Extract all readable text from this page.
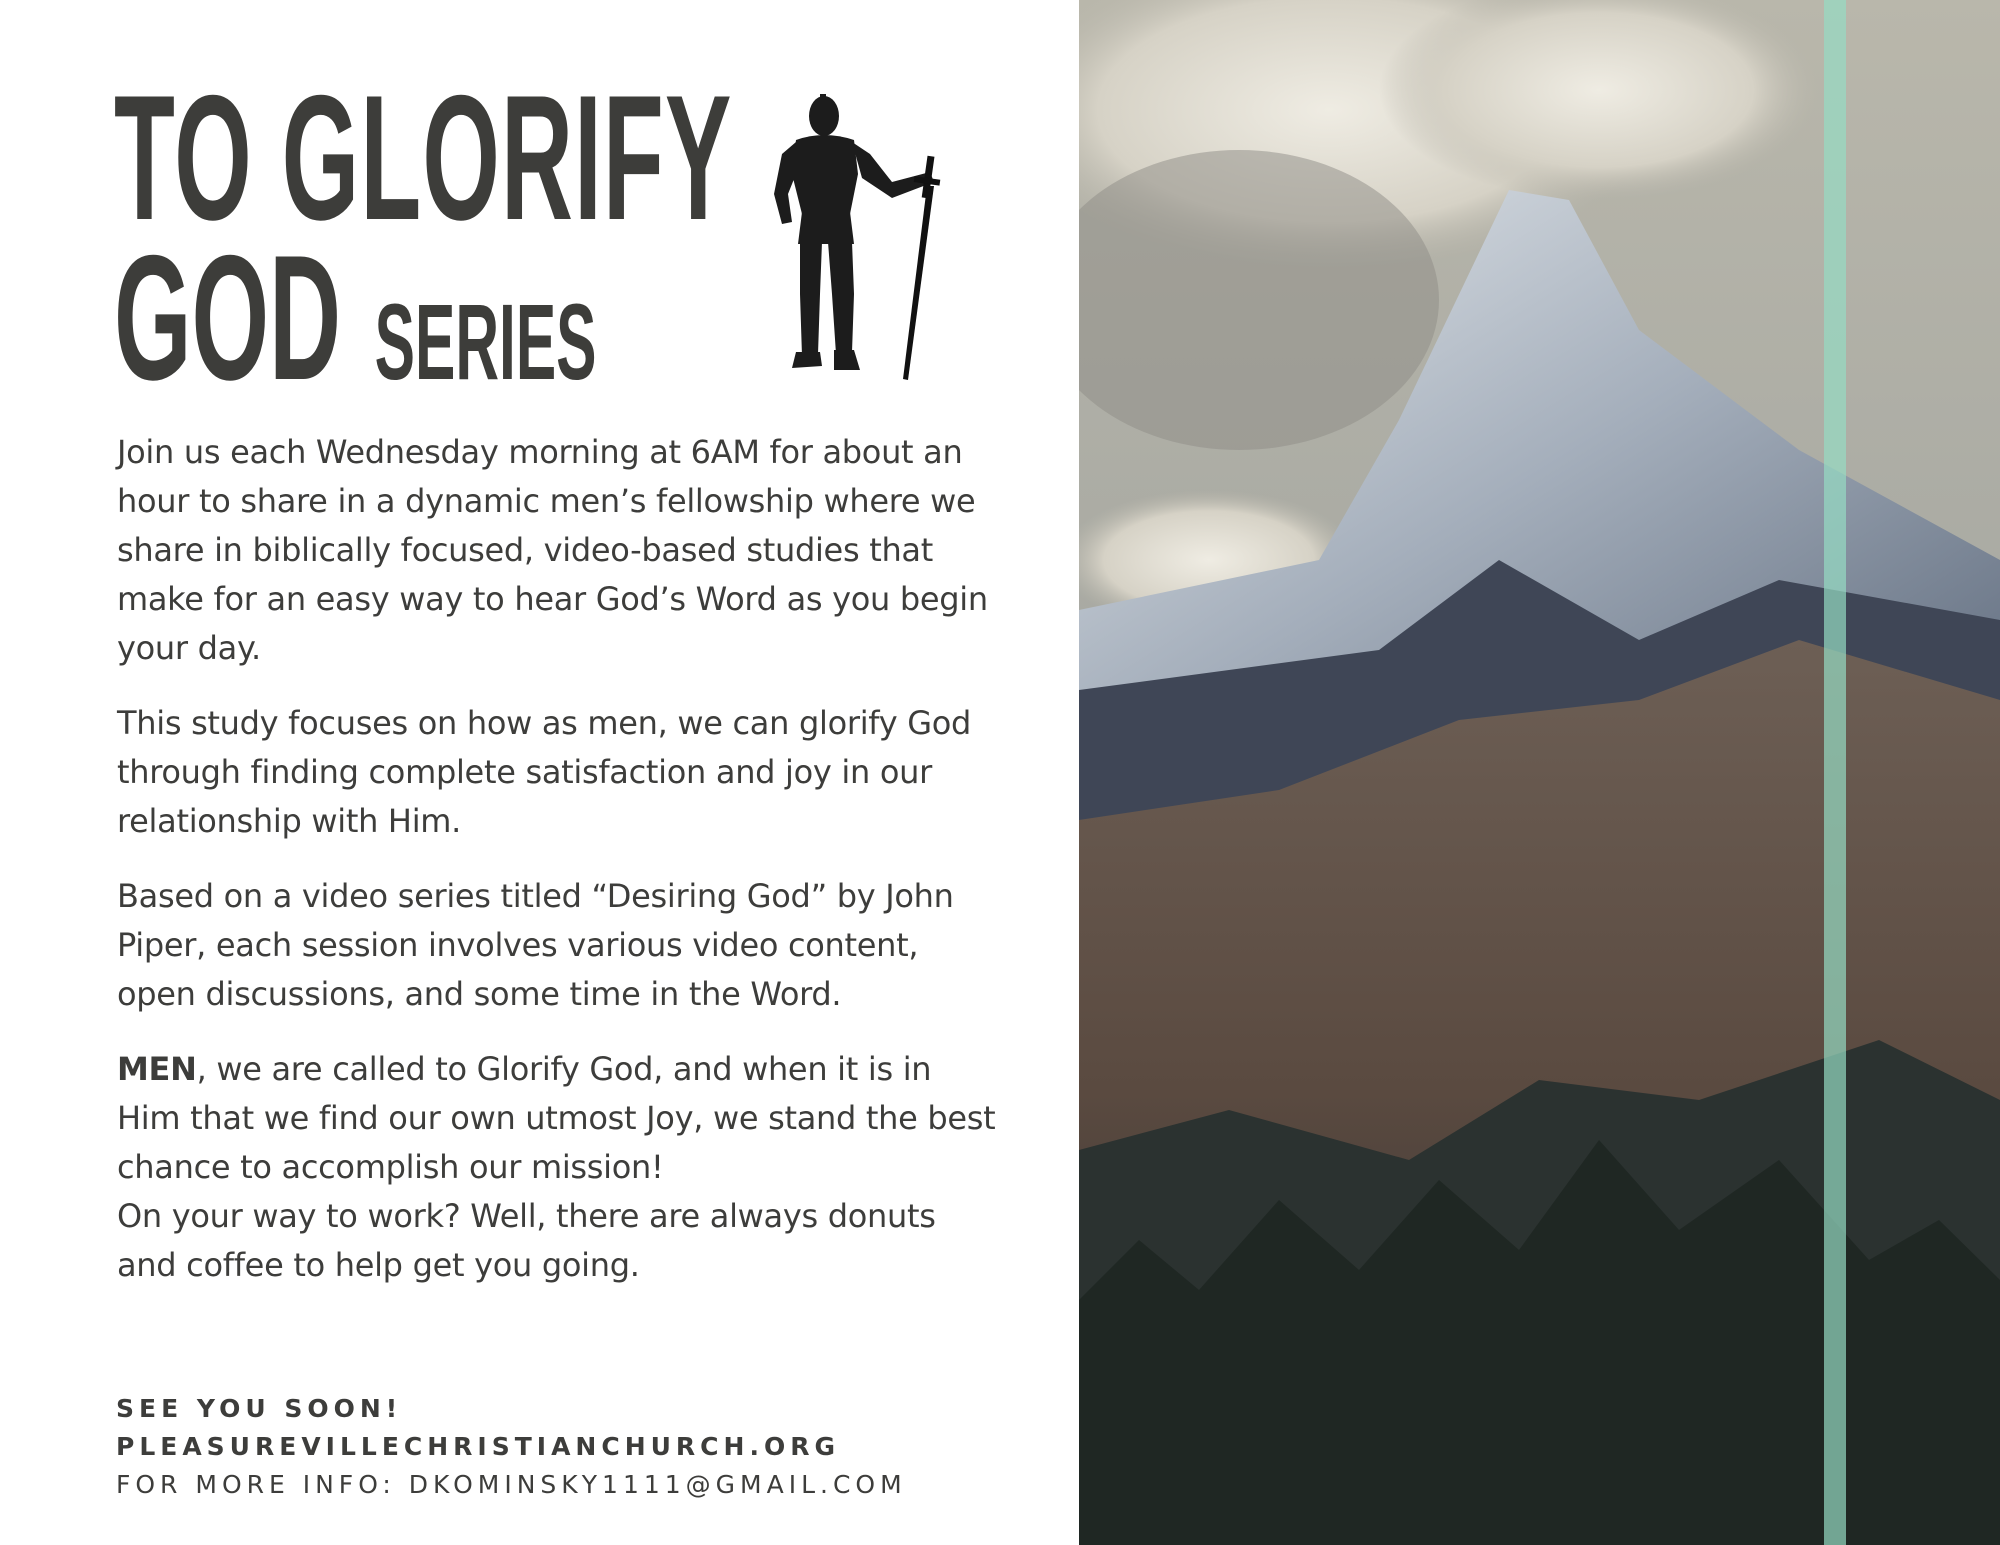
TO GLORIFY
GOD SERIES

Join us each Wednesday morning at 6AM for about an hour to share in a dynamic men’s fellowship where we share in biblically focused, video-based studies that make for an easy way to hear God’s Word as you begin your day.

This study focuses on how as men, we can glorify God through finding complete satisfaction and joy in our relationship with Him.

Based on a video series titled “Desiring God” by John Piper, each session involves various video content, open discussions, and some time in the Word.

MEN, we are called to Glorify God, and when it is in Him that we find our own utmost Joy, we stand the best chance to accomplish our mission!
On your way to work? Well, there are always donuts and coffee to help get you going.

SEE YOU SOON!
PLEASUREVILLECHRISTIANCHURCH.ORG
FOR MORE INFO: DKOMINSKY1111@GMAIL.COM
